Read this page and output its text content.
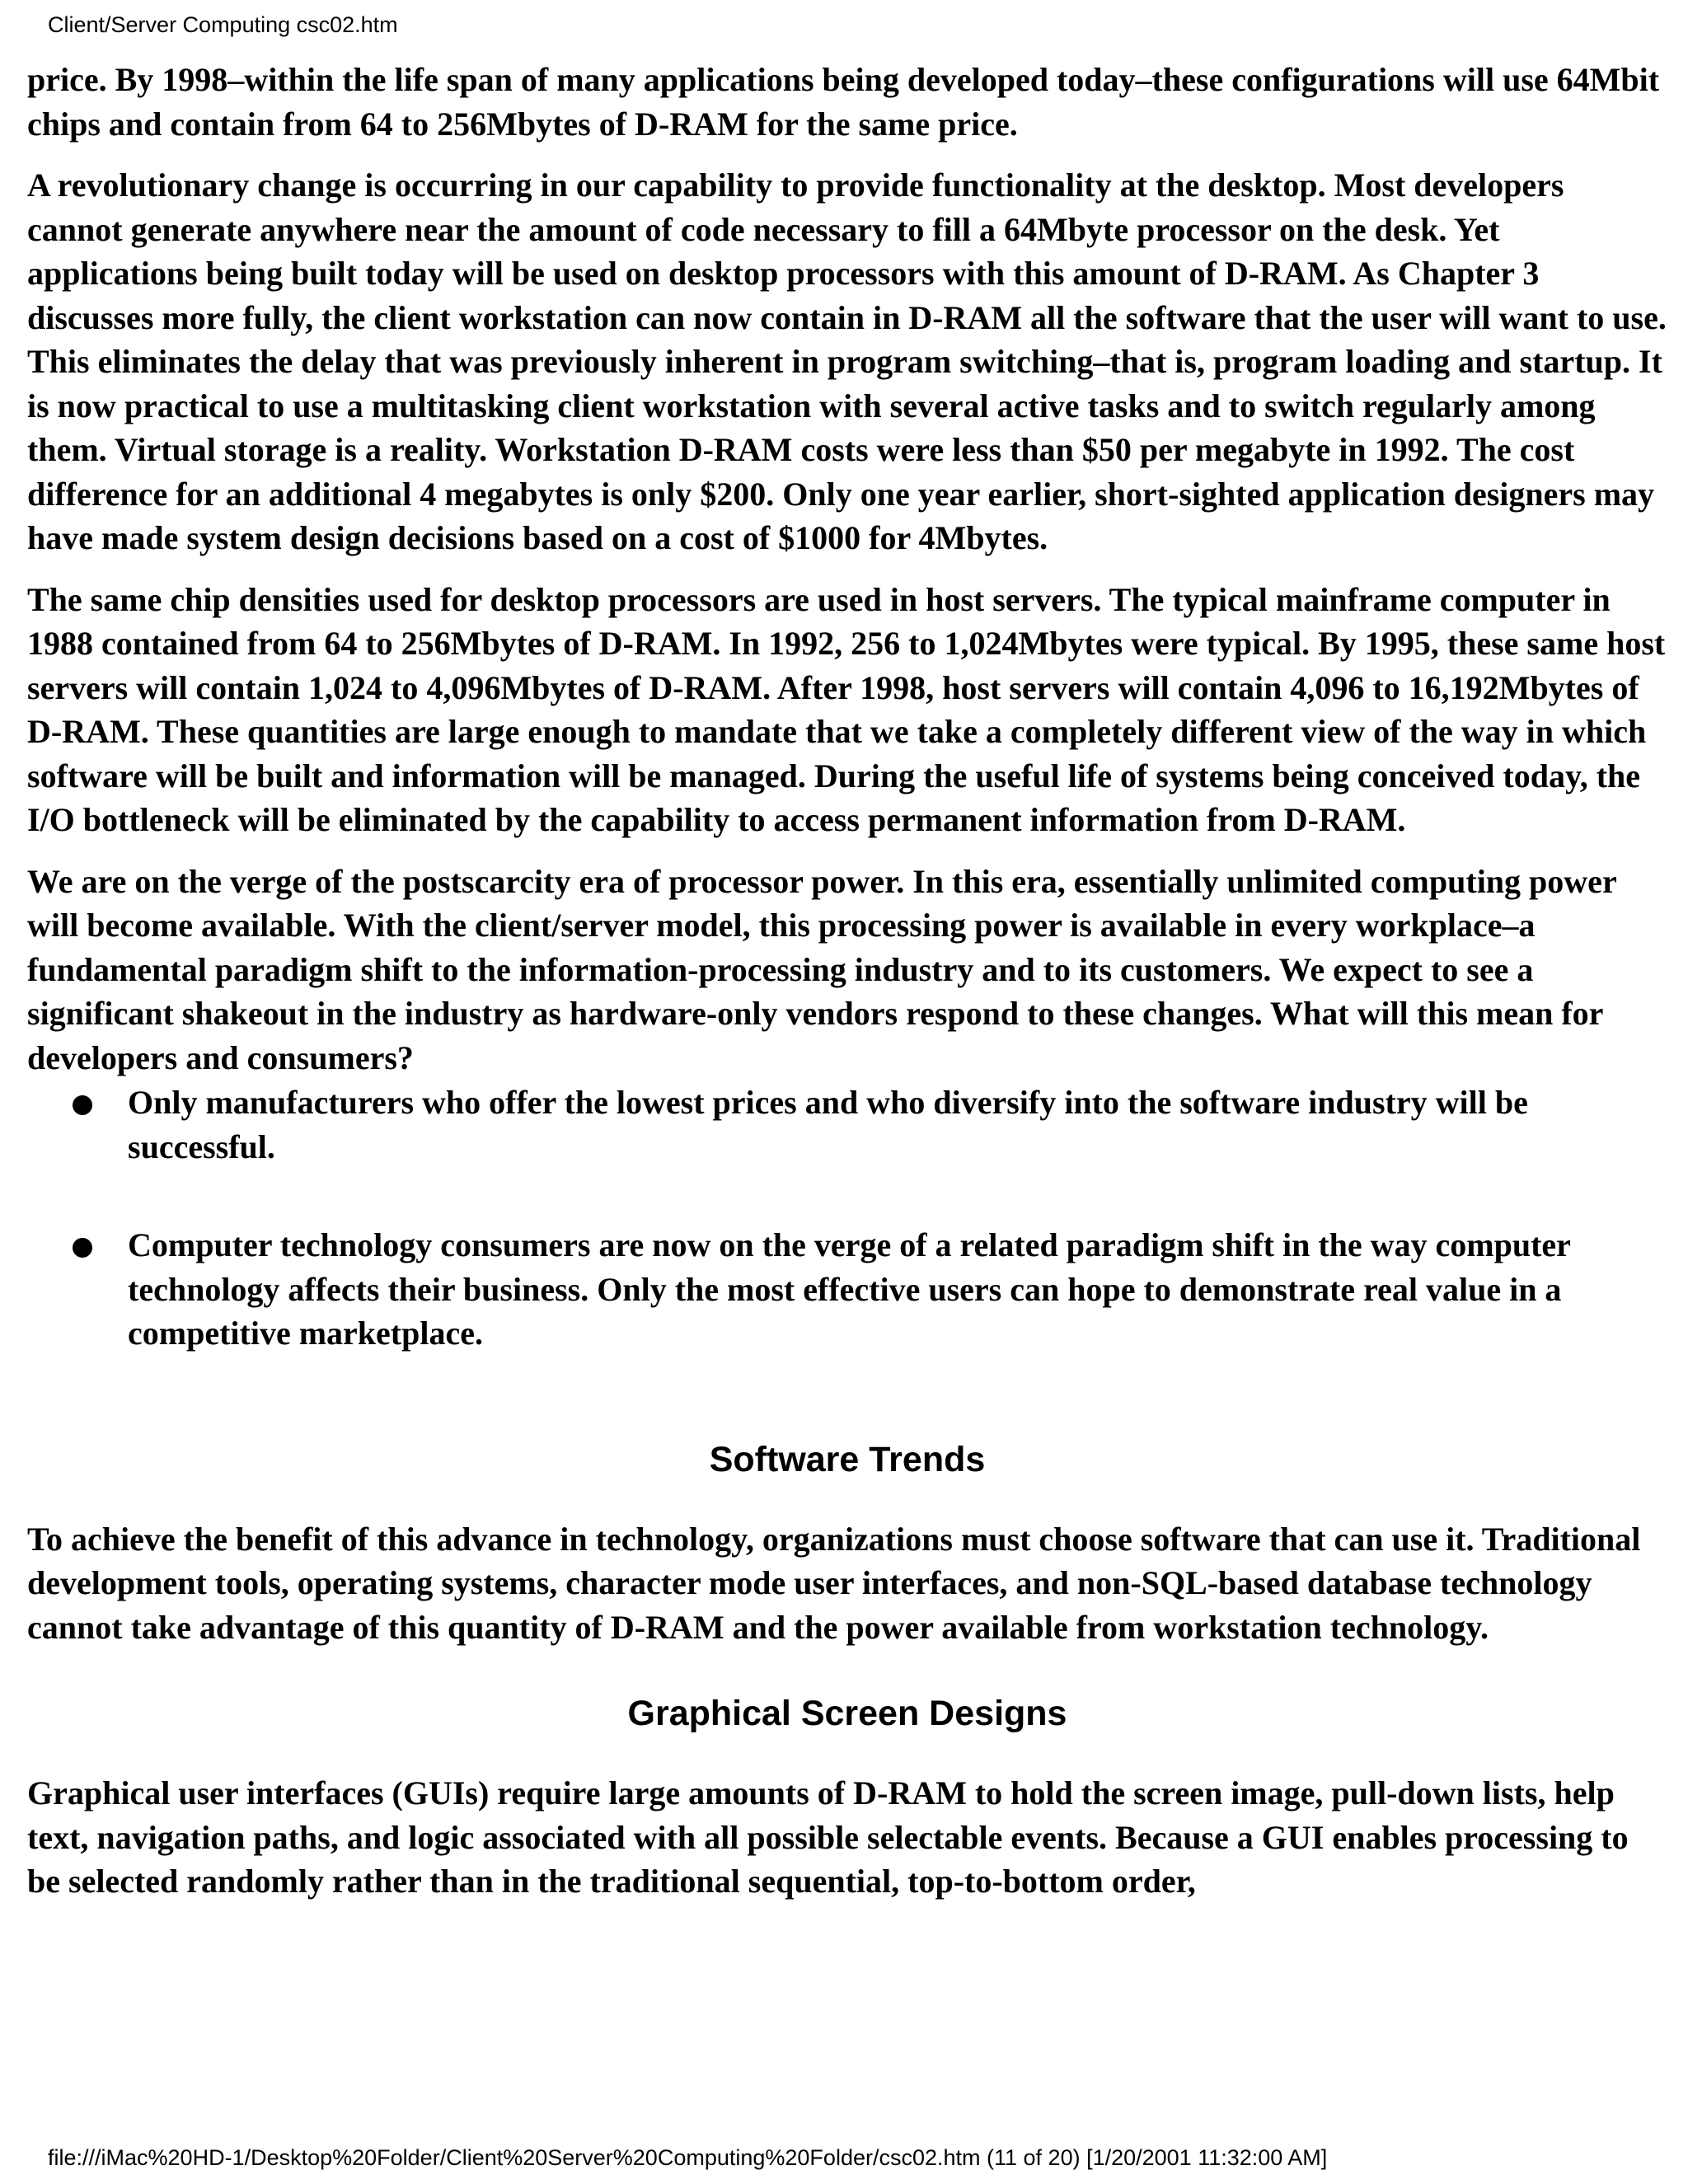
Client/Server Computing csc02.htm

price. By 1998–within the life span of many applications being developed today–these configurations will use 64Mbit chips and contain from 64 to 256Mbytes of D-RAM for the same price.

A revolutionary change is occurring in our capability to provide functionality at the desktop. Most developers cannot generate anywhere near the amount of code necessary to fill a 64Mbyte processor on the desk. Yet applications being built today will be used on desktop processors with this amount of D-RAM. As Chapter 3 discusses more fully, the client workstation can now contain in D-RAM all the software that the user will want to use. This eliminates the delay that was previously inherent in program switching–that is, program loading and startup. It is now practical to use a multitasking client workstation with several active tasks and to switch regularly among them. Virtual storage is a reality. Workstation D-RAM costs were less than $50 per megabyte in 1992. The cost difference for an additional 4 megabytes is only $200. Only one year earlier, short-sighted application designers may have made system design decisions based on a cost of $1000 for 4Mbytes.

The same chip densities used for desktop processors are used in host servers. The typical mainframe computer in 1988 contained from 64 to 256Mbytes of D-RAM. In 1992, 256 to 1,024Mbytes were typical. By 1995, these same host servers will contain 1,024 to 4,096Mbytes of D-RAM. After 1998, host servers will contain 4,096 to 16,192Mbytes of D-RAM. These quantities are large enough to mandate that we take a completely different view of the way in which software will be built and information will be managed. During the useful life of systems being conceived today, the I/O bottleneck will be eliminated by the capability to access permanent information from D-RAM.

We are on the verge of the postscarcity era of processor power. In this era, essentially unlimited computing power will become available. With the client/server model, this processing power is available in every workplace–a fundamental paradigm shift to the information-processing industry and to its customers. We expect to see a significant shakeout in the industry as hardware-only vendors respond to these changes. What will this mean for developers and consumers?

Only manufacturers who offer the lowest prices and who diversify into the software industry will be successful.
Computer technology consumers are now on the verge of a related paradigm shift in the way computer technology affects their business. Only the most effective users can hope to demonstrate real value in a competitive marketplace.
Software Trends

To achieve the benefit of this advance in technology, organizations must choose software that can use it. Traditional development tools, operating systems, character mode user interfaces, and non-SQL-based database technology cannot take advantage of this quantity of D-RAM and the power available from workstation technology.

Graphical Screen Designs

Graphical user interfaces (GUIs) require large amounts of D-RAM to hold the screen image, pull-down lists, help text, navigation paths, and logic associated with all possible selectable events. Because a GUI enables processing to be selected randomly rather than in the traditional sequential, top-to-bottom order,

file:///iMac%20HD-1/Desktop%20Folder/Client%20Server%20Computing%20Folder/csc02.htm (11 of 20) [1/20/2001 11:32:00 AM]
